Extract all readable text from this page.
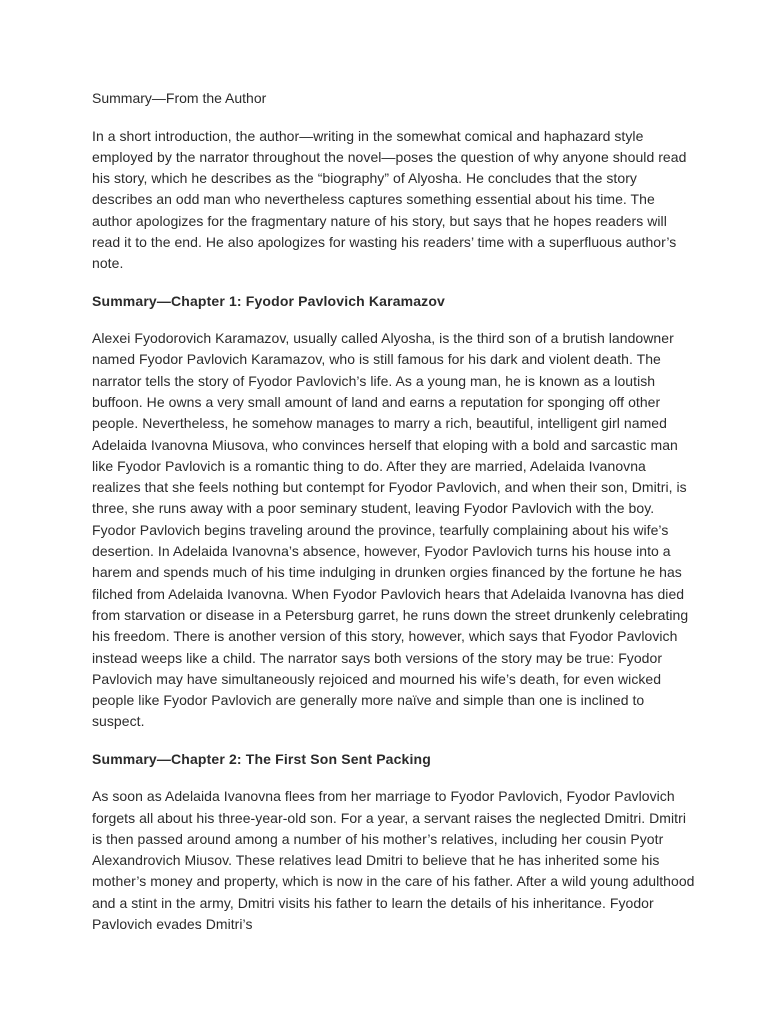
Summary—From the Author

In a short introduction, the author—writing in the somewhat comical and haphazard style employed by the narrator throughout the novel—poses the question of why anyone should read his story, which he describes as the “biography” of Alyosha. He concludes that the story describes an odd man who nevertheless captures something essential about his time. The author apologizes for the fragmentary nature of his story, but says that he hopes readers will read it to the end. He also apologizes for wasting his readers’ time with a superfluous author’s note.

Summary—Chapter 1: Fyodor Pavlovich Karamazov

Alexei Fyodorovich Karamazov, usually called Alyosha, is the third son of a brutish landowner named Fyodor Pavlovich Karamazov, who is still famous for his dark and violent death. The narrator tells the story of Fyodor Pavlovich’s life. As a young man, he is known as a loutish buffoon. He owns a very small amount of land and earns a reputation for sponging off other people. Nevertheless, he somehow manages to marry a rich, beautiful, intelligent girl named Adelaida Ivanovna Miusova, who convinces herself that eloping with a bold and sarcastic man like Fyodor Pavlovich is a romantic thing to do. After they are married, Adelaida Ivanovna realizes that she feels nothing but contempt for Fyodor Pavlovich, and when their son, Dmitri, is three, she runs away with a poor seminary student, leaving Fyodor Pavlovich with the boy. Fyodor Pavlovich begins traveling around the province, tearfully complaining about his wife’s desertion. In Adelaida Ivanovna’s absence, however, Fyodor Pavlovich turns his house into a harem and spends much of his time indulging in drunken orgies financed by the fortune he has filched from Adelaida Ivanovna. When Fyodor Pavlovich hears that Adelaida Ivanovna has died from starvation or disease in a Petersburg garret, he runs down the street drunkenly celebrating his freedom. There is another version of this story, however, which says that Fyodor Pavlovich instead weeps like a child. The narrator says both versions of the story may be true: Fyodor Pavlovich may have simultaneously rejoiced and mourned his wife’s death, for even wicked people like Fyodor Pavlovich are generally more naïve and simple than one is inclined to suspect.

Summary—Chapter 2: The First Son Sent Packing

As soon as Adelaida Ivanovna flees from her marriage to Fyodor Pavlovich, Fyodor Pavlovich forgets all about his three-year-old son. For a year, a servant raises the neglected Dmitri. Dmitri is then passed around among a number of his mother’s relatives, including her cousin Pyotr Alexandrovich Miusov. These relatives lead Dmitri to believe that he has inherited some his mother’s money and property, which is now in the care of his father. After a wild young adulthood and a stint in the army, Dmitri visits his father to learn the details of his inheritance. Fyodor Pavlovich evades Dmitri’s
